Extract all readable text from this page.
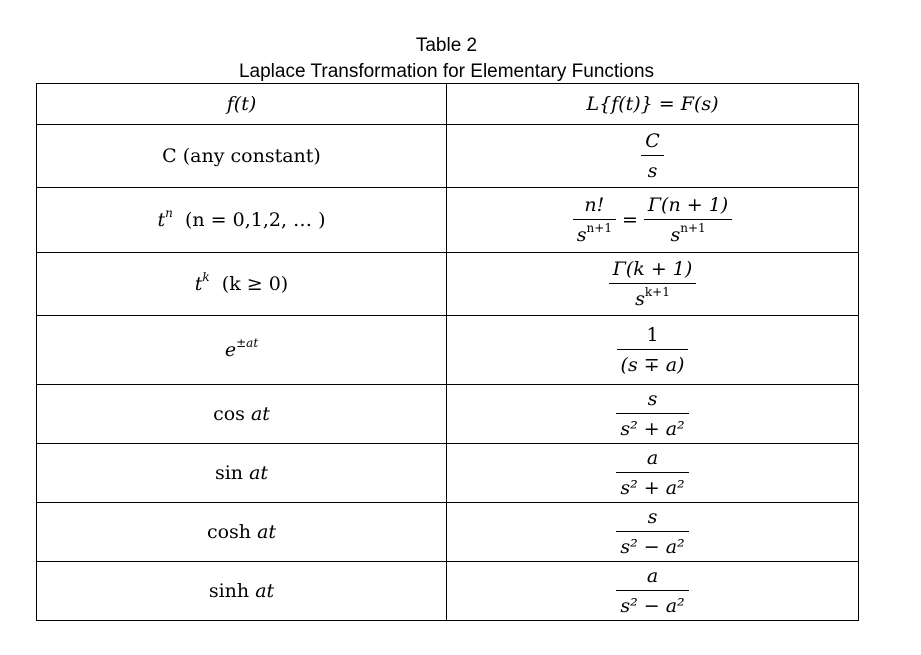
Table 2
Laplace Transformation for Elementary Functions
f(t)	L{f(t)} = F(s)
C (any constant)	$\frac{C}{s}$

$t^n$ (n = 0,1,2, … )	$\frac{n!}{s^{n+1}} = \frac{\Gamma(n + 1)}{s^{n+1}}$

$t^k$ (k ≥ 0)	$\frac{\Gamma(k + 1)}{s^{k+1}}$

$e^{\pm at}$	$\frac{1}{(s \mp a)}$

cos at	$\frac{s}{\text{s² + a²}}$

sin at	$\frac{a}{\text{s² + a²}}$

cosh at	$\frac{s}{\text{s² − a²}}$

sinh at	$\frac{a}{\text{s² − a²}}$
